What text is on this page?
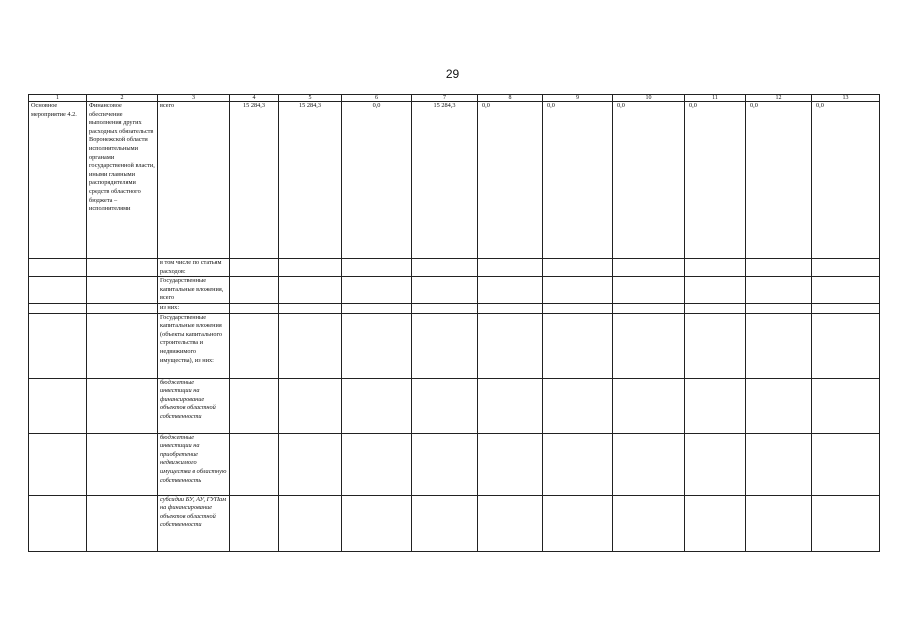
29
1	2	3	4	5	6	7	8	9	10	11	12	13
Основное мероприятие 4.2.	Финансовое обеспечение выполнения других расходных обязательств Воронежской области исполнительными органами государственной власти, иными главными распорядителями средств областного бюджета – исполнителями	всего	15 284,3	15 284,3	0,0	15 284,3	0,0	0,0	0,0	0,0	0,0	0,0
		в том числе по статьям расходов:										
		Государственные капитальные вложения, всего										
		из них:										
		Государственные капитальные вложения (объекты капитального строительства и недвижимого имущества), из них:										
		бюджетные инвестиции на финансирование объектов областной собственности										
		бюджетные инвестиции на приобретение недвижимого имущества в областную собственность										
		субсидии БУ, АУ, ГУПам на финансирование объектов областной собственности										
